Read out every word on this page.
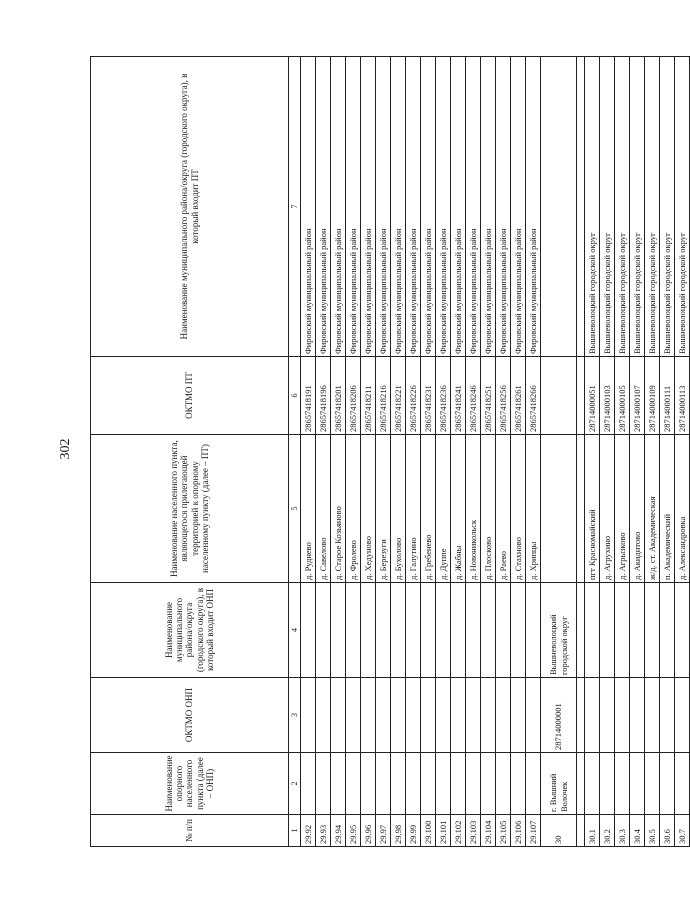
302
№ п/п	Наименование опорного населенного пункта (далее – ОНП)	ОКТМО ОНП	Наименование муниципального района/округа (городского округа), в который входит ОНП	Наименование населенного пункта, являющегося прилегающей территорией к опорному населенному пункту (далее – ПТ)	ОКТМО ПТ	Наименование муниципального района/округа (городского округа), в который входит ПТ
1	2	3	4	5	6	7
29.92				д. Руднево	28657418191	Фировский муниципальный район
29.93				д. Савелово	28657418196	Фировский муниципальный район
29.94				д. Старое Козьяново	28657418201	Фировский муниципальный район
29.95				д. Фролево	28657418206	Фировский муниципальный район
29.96				д. Хедуново	28657418211	Фировский муниципальный район
29.97				д. Березуги	28657418216	Фировский муниципальный район
29.98				д. Бухолово	28657418221	Фировский муниципальный район
29.99				д. Галутино	28657418226	Фировский муниципальный район
29.100				д. Гребенево	28657418231	Фировский муниципальный район
29.101				д. Дуппе	28657418236	Фировский муниципальный район
29.102				д. Жабны	28657418241	Фировский муниципальный район
29.103				д. Новоникольск	28657418246	Фировский муниципальный район
29.104				д. Плосково	28657418251	Фировский муниципальный район
29.105				д. Раево	28657418256	Фировский муниципальный район
29.106				д. Стахново	28657418261	Фировский муниципальный район
29.107				д. Хрипцы	28657418266	Фировский муниципальный район
30	г. Вышний Волочек	28714000001	Вышневолоцкий городской округ			

30.1				пгт Красномайский	28714000051	Вышневолоцкий городской округ
30.2				д. Агрухино	28714000103	Вышневолоцкий городской округ
30.3				д. Агрызково	28714000105	Вышневолоцкий городской округ
30.4				д. Акиднтово	28714000107	Вышневолоцкий городской округ
30.5				ж/д. ст. Академическая	28714000109	Вышневолоцкий городской округ
30.6				п. Академический	28714000111	Вышневолоцкий городской округ
30.7				д. Александровка	28714000113	Вышневолоцкий городской округ
